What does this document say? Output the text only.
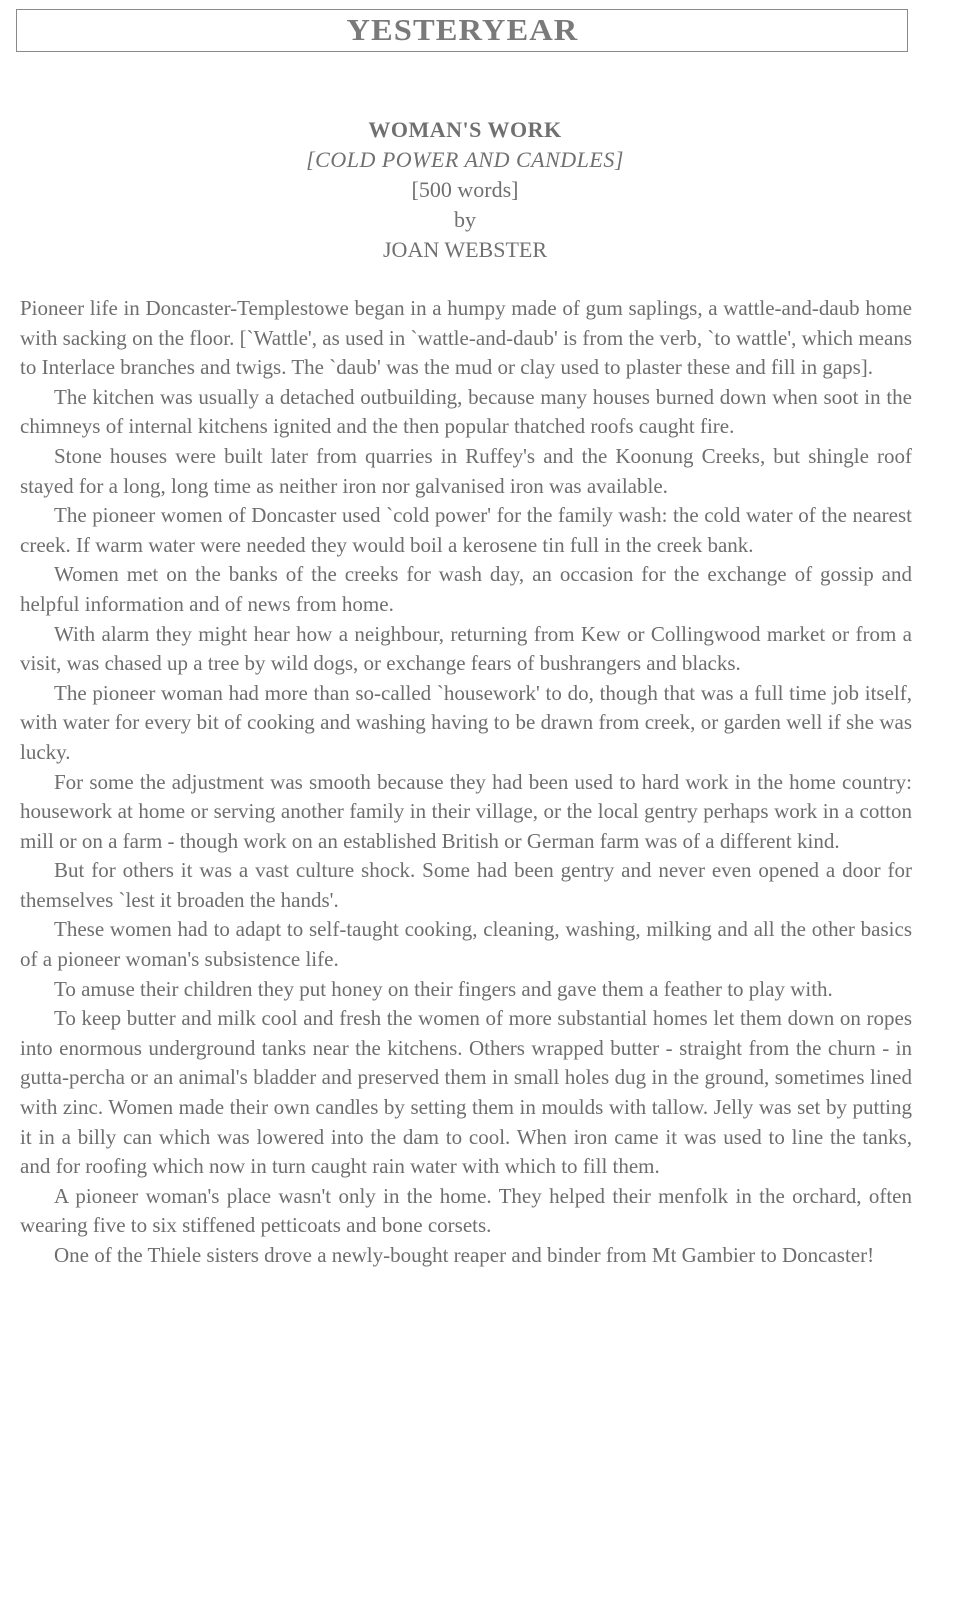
YESTERYEAR
WOMAN'S WORK
[COLD POWER AND CANDLES]
[500 words]
by
JOAN WEBSTER

Pioneer life in Doncaster-Templestowe began in a humpy made of gum saplings, a wattle-and-daub home with sacking on the floor. [`Wattle', as used in `wattle-and-daub' is from the verb, `to wattle', which means to Interlace branches and twigs. The `daub' was the mud or clay used to plaster these and fill in gaps].

The kitchen was usually a detached outbuilding, because many houses burned down when soot in the chimneys of internal kitchens ignited and the then popular thatched roofs caught fire.

Stone houses were built later from quarries in Ruffey's and the Koonung Creeks, but shingle roof stayed for a long, long time as neither iron nor galvanised iron was available.

The pioneer women of Doncaster used `cold power' for the family wash: the cold water of the nearest creek. If warm water were needed they would boil a kerosene tin full in the creek bank.

Women met on the banks of the creeks for wash day, an occasion for the exchange of gossip and helpful information and of news from home.

With alarm they might hear how a neighbour, returning from Kew or Collingwood market or from a visit, was chased up a tree by wild dogs, or exchange fears of bushrangers and blacks.

The pioneer woman had more than so-called `housework' to do, though that was a full time job itself, with water for every bit of cooking and washing having to be drawn from creek, or garden well if she was lucky.

For some the adjustment was smooth because they had been used to hard work in the home country: housework at home or serving another family in their village, or the local gentry perhaps work in a cotton mill or on a farm - though work on an established British or German farm was of a different kind.

But for others it was a vast culture shock. Some had been gentry and never even opened a door for themselves `lest it broaden the hands'.

These women had to adapt to self-taught cooking, cleaning, washing, milking and all the other basics of a pioneer woman's subsistence life.

To amuse their children they put honey on their fingers and gave them a feather to play with.

To keep butter and milk cool and fresh the women of more substantial homes let them down on ropes into enormous underground tanks near the kitchens. Others wrapped butter - straight from the churn - in gutta-percha or an animal's bladder and preserved them in small holes dug in the ground, sometimes lined with zinc. Women made their own candles by setting them in moulds with tallow. Jelly was set by putting it in a billy can which was lowered into the dam to cool. When iron came it was used to line the tanks, and for roofing which now in turn caught rain water with which to fill them.

A pioneer woman's place wasn't only in the home. They helped their menfolk in the orchard, often wearing five to six stiffened petticoats and bone corsets.

One of the Thiele sisters drove a newly-bought reaper and binder from Mt Gambier to Doncaster!
